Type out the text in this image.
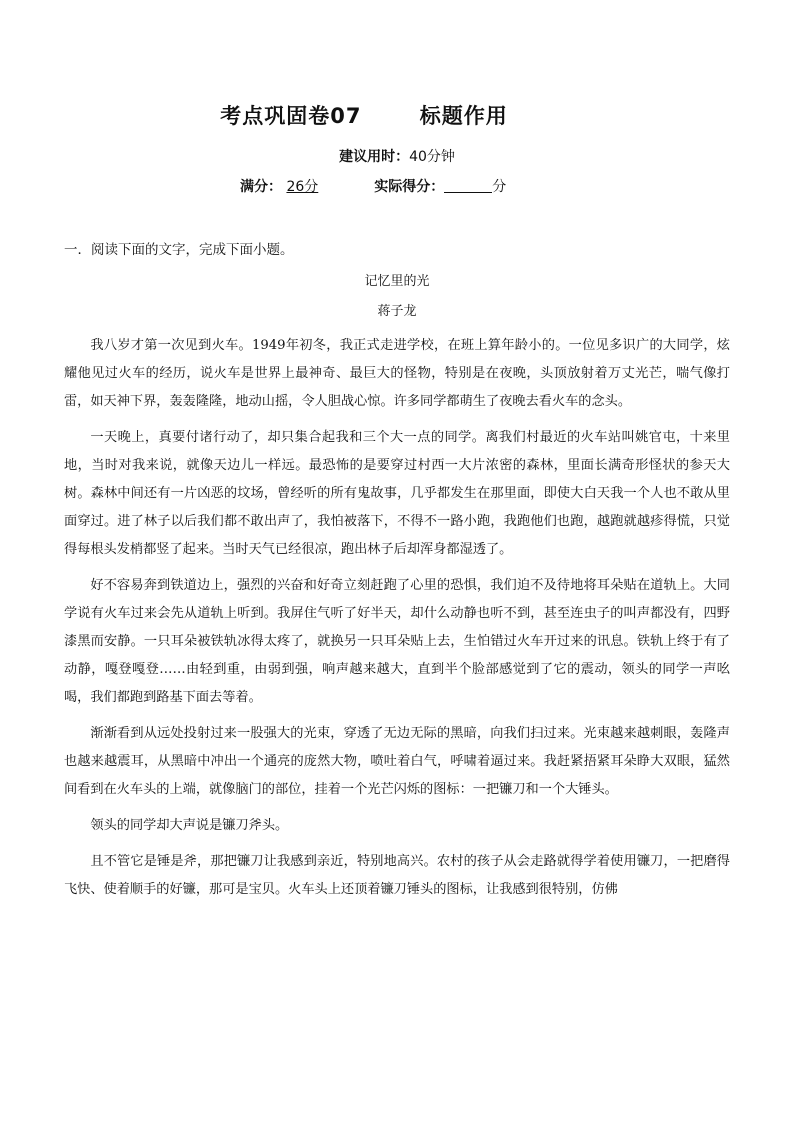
考点巩固卷07       标题作用
建议用时：40分钟
满分： 26分	实际得分：	分
一．阅读下面的文字，完成下面小题。
记忆里的光
蒋子龙

我八岁才第一次见到火车。1949年初冬，我正式走进学校，在班上算年龄小的。一位见多识广的大同学，炫耀他见过火车的经历，说火车是世界上最神奇、最巨大的怪物，特别是在夜晚，头顶放射着万丈光芒，喘气像打雷，如天神下界，轰轰隆隆，地动山摇，令人胆战心惊。许多同学都萌生了夜晚去看火车的念头。

一天晚上，真要付诸行动了，却只集合起我和三个大一点的同学。离我们村最近的火车站叫姚官屯，十来里地，当时对我来说，就像天边儿一样远。最恐怖的是要穿过村西一大片浓密的森林，里面长满奇形怪状的参天大树。森林中间还有一片凶恶的坟场，曾经听的所有鬼故事，几乎都发生在那里面，即使大白天我一个人也不敢从里面穿过。进了林子以后我们都不敢出声了，我怕被落下，不得不一路小跑，我跑他们也跑，越跑就越疹得慌，只觉得每根头发梢都竖了起来。当时天气已经很凉，跑出林子后却浑身都湿透了。

好不容易奔到铁道边上，强烈的兴奋和好奇立刻赶跑了心里的恐惧，我们迫不及待地将耳朵贴在道轨上。大同学说有火车过来会先从道轨上听到。我屏住气听了好半天，却什么动静也听不到，甚至连虫子的叫声都没有，四野漆黑而安静。一只耳朵被铁轨冰得太疼了，就换另一只耳朵贴上去，生怕错过火车开过来的讯息。铁轨上终于有了动静，嘎登嘎登……由轻到重，由弱到强，响声越来越大，直到半个脸部感觉到了它的震动，领头的同学一声吆喝，我们都跑到路基下面去等着。

渐渐看到从远处投射过来一股强大的光束，穿透了无边无际的黑暗，向我们扫过来。光束越来越刺眼，轰隆声也越来越震耳，从黑暗中冲出一个通亮的庞然大物，喷吐着白气，呼啸着逼过来。我赶紧捂紧耳朵睁大双眼，猛然间看到在火车头的上端，就像脑门的部位，挂着一个光芒闪烁的图标：一把镰刀和一个大锤头。

领头的同学却大声说是镰刀斧头。

且不管它是锤是斧，那把镰刀让我感到亲近，特别地高兴。农村的孩子从会走路就得学着使用镰刀，一把磨得飞快、使着顺手的好镰，那可是宝贝。火车头上还顶着镰刀锤头的图标，让我感到很特别，仿佛
